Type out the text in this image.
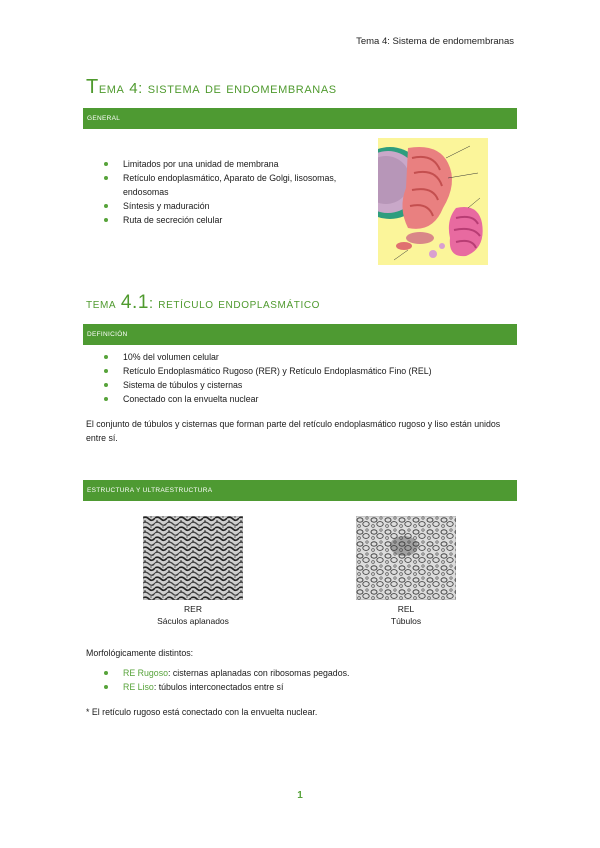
Tema 4: Sistema de endomembranas
Tema 4: sistema de endomembranas
GENERAL
Limitados por una unidad de membrana
Retículo endoplasmático, Aparato de Golgi, lisosomas,
endosomas
Síntesis y maduración
Ruta de secreción celular
tema 4.1: retículo endoplasmático
DEFINICIÓN
10% del volumen celular
Retículo Endoplasmático Rugoso (RER) y Retículo Endoplasmático Fino (REL)
Sistema de túbulos y cisternas
Conectado con la envuelta nuclear
El conjunto de túbulos y cisternas que forman parte del retículo endoplasmático rugoso y liso están unidos entre sí.
ESTRUCTURA Y ULTRAESTRUCTURA
RER
Sáculos aplanados
REL
Túbulos
Morfológicamente distintos:
RE Rugoso: cisternas aplanadas con ribosomas pegados.
RE Liso: túbulos interconectados entre sí
* El retículo rugoso está conectado con la envuelta nuclear.
1
